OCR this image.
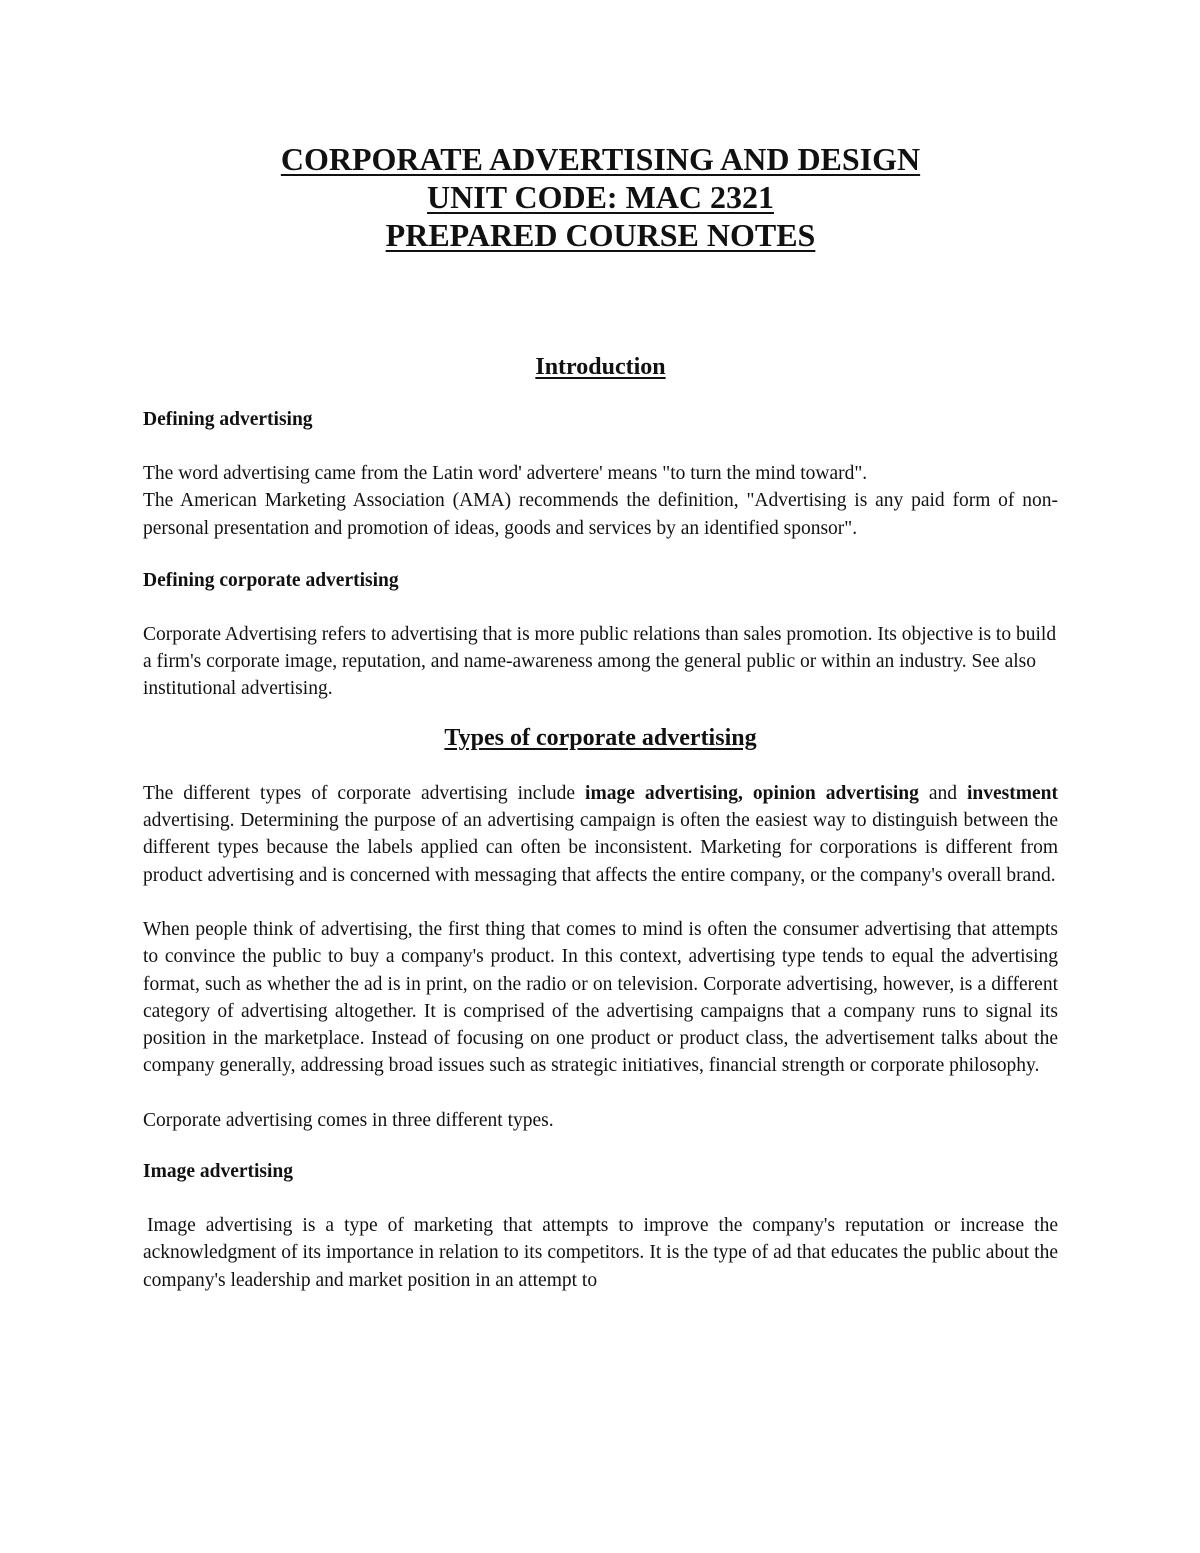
CORPORATE ADVERTISING AND DESIGN
UNIT CODE: MAC 2321
PREPARED COURSE NOTES
Introduction
Defining advertising

The word advertising came from the Latin word' advertere' means "to turn the mind toward".

The American Marketing Association (AMA) recommends the definition, "Advertising is any paid form of non-personal presentation and promotion of ideas, goods and services by an identified sponsor".

Defining corporate advertising

Corporate Advertising refers to advertising that is more public relations than sales promotion. Its objective is to build a firm's corporate image, reputation, and name-awareness among the general public or within an industry. See also institutional advertising.

Types of corporate advertising

The different types of corporate advertising include image advertising, opinion advertising and investment advertising. Determining the purpose of an advertising campaign is often the easiest way to distinguish between the different types because the labels applied can often be inconsistent. Marketing for corporations is different from product advertising and is concerned with messaging that affects the entire company, or the company's overall brand.

When people think of advertising, the first thing that comes to mind is often the consumer advertising that attempts to convince the public to buy a company's product. In this context, advertising type tends to equal the advertising format, such as whether the ad is in print, on the radio or on television. Corporate advertising, however, is a different category of advertising altogether. It is comprised of the advertising campaigns that a company runs to signal its position in the marketplace. Instead of focusing on one product or product class, the advertisement talks about the company generally, addressing broad issues such as strategic initiatives, financial strength or corporate philosophy.

Corporate advertising comes in three different types.

Image advertising

Image advertising is a type of marketing that attempts to improve the company's reputation or increase the acknowledgment of its importance in relation to its competitors. It is the type of ad that educates the public about the company's leadership and market position in an attempt to
